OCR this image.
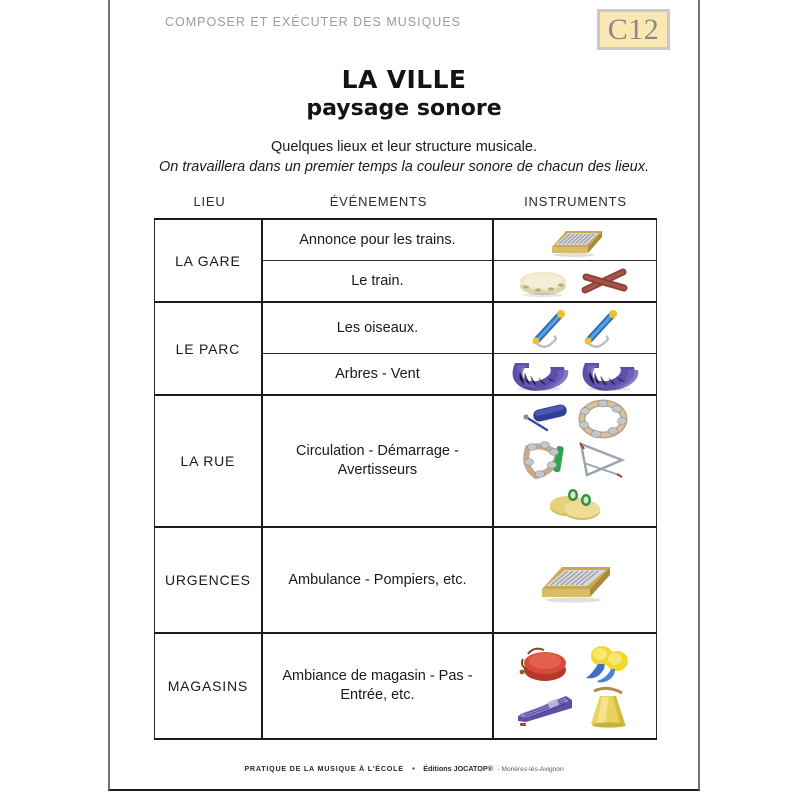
COMPOSER ET EXÉCUTER DES MUSIQUES	C12
LA VILLE
paysage sonore
Quelques lieux et leur structure musicale.
On travaillera dans un premier temps la couleur sonore de chacun des lieux.
LIEU	ÉVÉNEMENTS	INSTRUMENTS
LA GARE	Annonce pour les trains.	

	Le train.	

LE PARC	Les oiseaux.	

	Arbres - Vent	

LA RUE	Circulation - Démarrage - Avertisseurs	

URGENCES	Ambulance - Pompiers, etc.	

MAGASINS	Ambiance de magasin - Pas - Entrée, etc.	
PRATIQUE DE LA MUSIQUE À L'ÉCOLE • Éditions JOCATOP® - Morières-lès-Avignon
